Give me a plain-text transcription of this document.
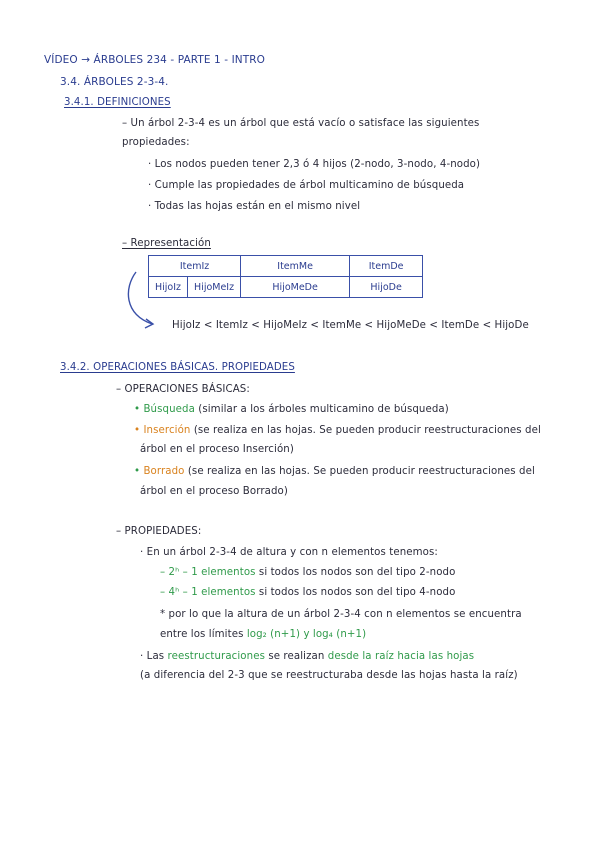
VÍDEO → ÁRBOLES 234 - PARTE 1 - INTRO
3.4. ÁRBOLES 2-3-4.
3.4.1. DEFINICIONES
– Un árbol 2-3-4 es un árbol que está vacío o satisface las siguientes
propiedades:
· Los nodos pueden tener 2,3 ó 4 hijos (2-nodo, 3-nodo, 4-nodo)
· Cumple las propiedades de árbol multicamino de búsqueda
· Todas las hojas están en el mismo nivel
– Representación
ItemIz		ItemMe	ItemDe
HijoIz	HijoMeIz	HijoMeDe	HijoDe
HijoIz < ItemIz < HijoMeIz < ItemMe < HijoMeDe < ItemDe < HijoDe
3.4.2. OPERACIONES BÁSICAS. PROPIEDADES
– OPERACIONES BÁSICAS:
• Búsqueda (similar a los árboles multicamino de búsqueda)
• Inserción (se realiza en las hojas. Se pueden producir reestructuraciones del
árbol en el proceso Inserción)
• Borrado (se realiza en las hojas. Se pueden producir reestructuraciones del
árbol en el proceso Borrado)
– PROPIEDADES:
· En un árbol 2-3-4 de altura y con n elementos tenemos:
– 2ʰ – 1 elementos si todos los nodos son del tipo 2-nodo
– 4ʰ – 1 elementos si todos los nodos son del tipo 4-nodo
* por lo que la altura de un árbol 2-3-4 con n elementos se encuentra
entre los límites log₂ (n+1) y log₄ (n+1)
· Las reestructuraciones se realizan desde la raíz hacia las hojas
(a diferencia del 2-3 que se reestructuraba desde las hojas hasta la raíz)
